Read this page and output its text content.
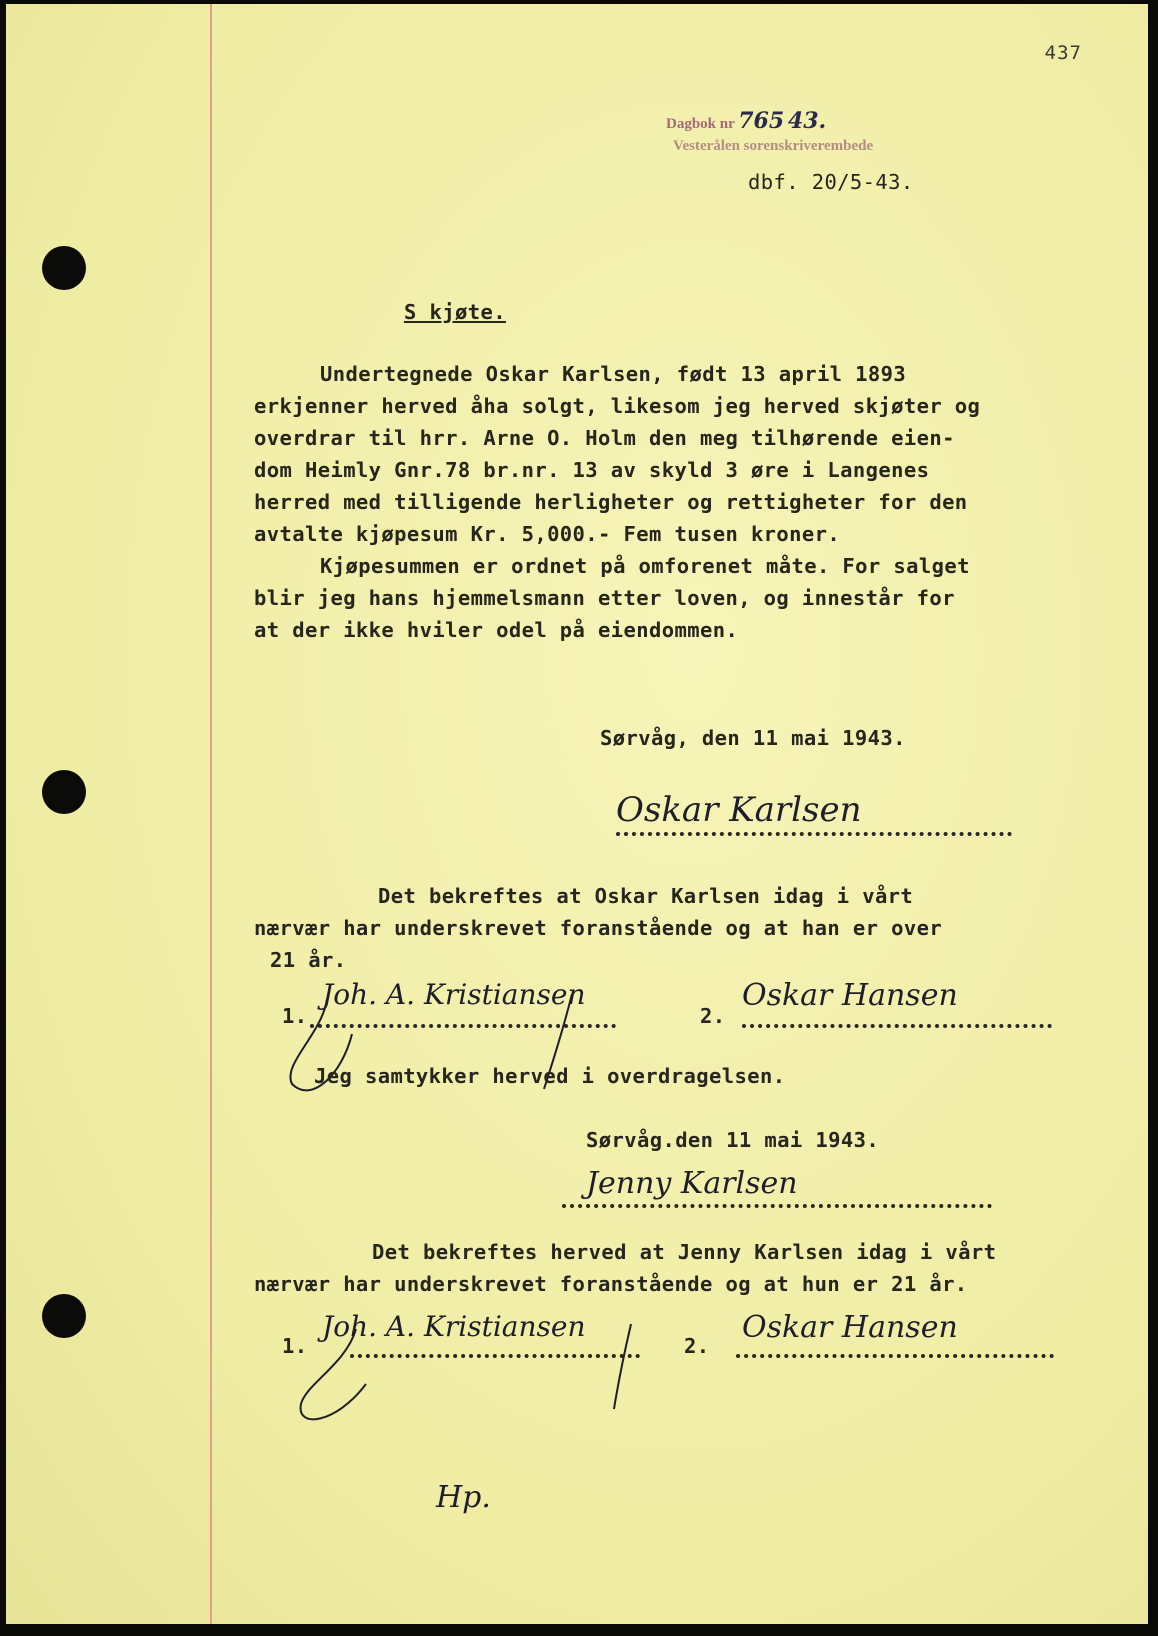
437
Dagbok nr 765 43.
Vesterålen sorenskriverembede
dbf. 20/5-43.
S kjøte.
Undertegnede Oskar Karlsen, født 13 april 1893
erkjenner herved åha solgt, likesom jeg herved skjøter og
overdrar til hrr. Arne O. Holm den meg tilhørende eien-
dom Heimly Gnr.78 br.nr. 13 av skyld 3 øre i Langenes
herred med tilligende herligheter og rettigheter for den
avtalte kjøpesum Kr. 5,000.- Fem tusen kroner.
Kjøpesummen er ordnet på omforenet måte. For salget
blir jeg hans hjemmelsmann etter loven, og innestår for
at der ikke hviler odel på eiendommen.
Sørvåg, den 11 mai 1943.
Oskar Karlsen
Det bekreftes at Oskar Karlsen idag i vårt
nærvær har underskrevet foranstående og at han er over
21 år.
1.
Joh. A. Kristiansen
2.
Oskar Hansen
Jeg samtykker herved i overdragelsen.
Sørvåg.den 11 mai 1943.
Jenny Karlsen
Det bekreftes herved at Jenny Karlsen idag i vårt
nærvær har underskrevet foranstående og at hun er 21 år.
1.
Joh. A. Kristiansen
2.
Oskar Hansen
Hp.
